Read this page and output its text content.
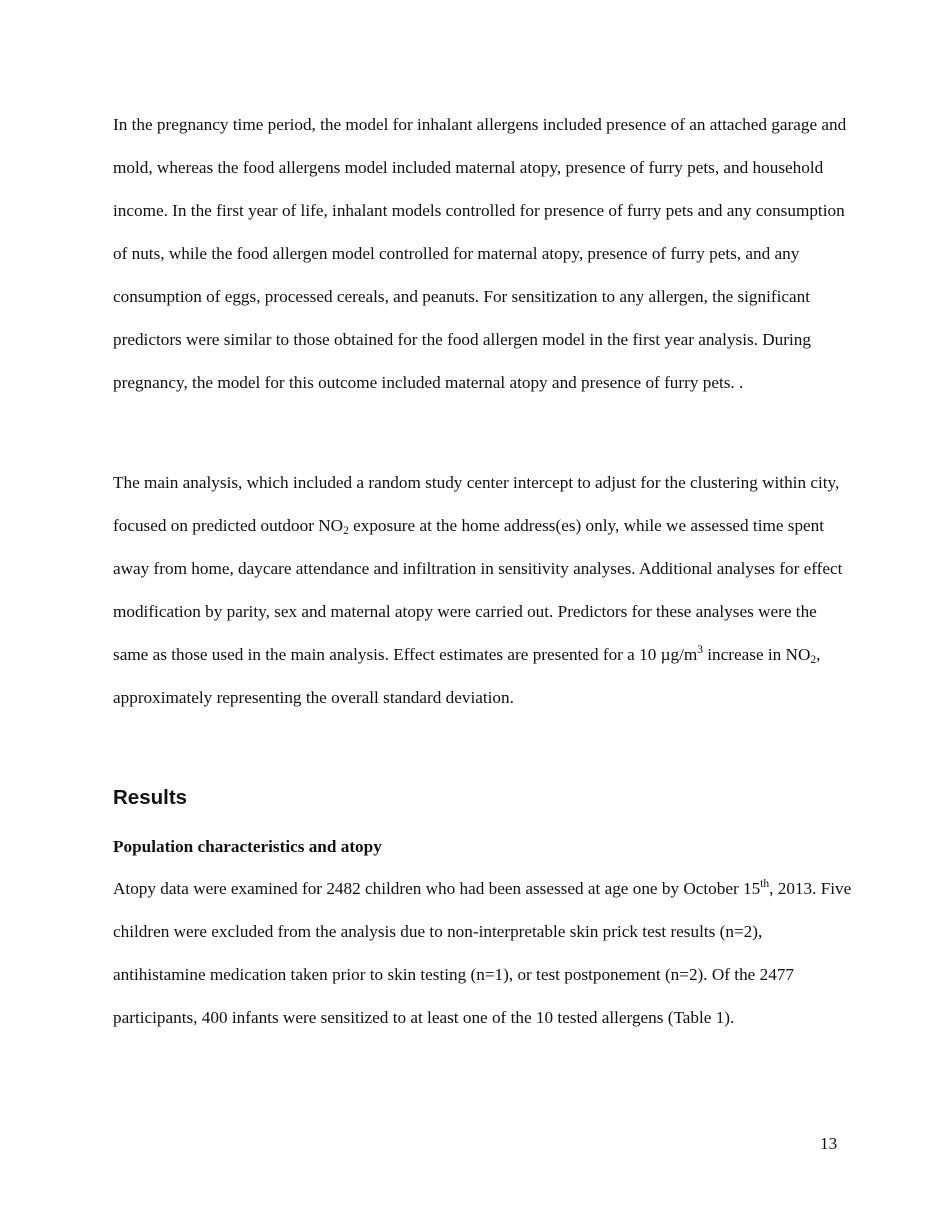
In the pregnancy time period, the model for inhalant allergens included presence of an attached garage and mold, whereas the food allergens model included maternal atopy, presence of furry pets, and household income. In the first year of life, inhalant models controlled for presence of furry pets and any consumption of nuts, while the food allergen model controlled for maternal atopy, presence of furry pets, and any consumption of eggs, processed cereals, and peanuts. For sensitization to any allergen, the significant predictors were similar to those obtained for the food allergen model in the first year analysis. During pregnancy, the model for this outcome included maternal atopy and presence of furry pets. .

The main analysis, which included a random study center intercept to adjust for the clustering within city, focused on predicted outdoor $NO_2$ exposure at the home address(es) only, while we assessed time spent away from home, daycare attendance and infiltration in sensitivity analyses. Additional analyses for effect modification by parity, sex and maternal atopy were carried out. Predictors for these analyses were the same as those used in the main analysis. Effect estimates are presented for a 10 $\mu g/m^3$ increase in $NO_2$, approximately representing the overall standard deviation.

Results
Population characteristics and atopy

Atopy data were examined for 2482 children who had been assessed at age one by October 15th, 2013. Five children were excluded from the analysis due to non-interpretable skin prick test results (n=2), antihistamine medication taken prior to skin testing (n=1), or test postponement (n=2). Of the 2477 participants, 400 infants were sensitized to at least one of the 10 tested allergens (Table 1).

13
